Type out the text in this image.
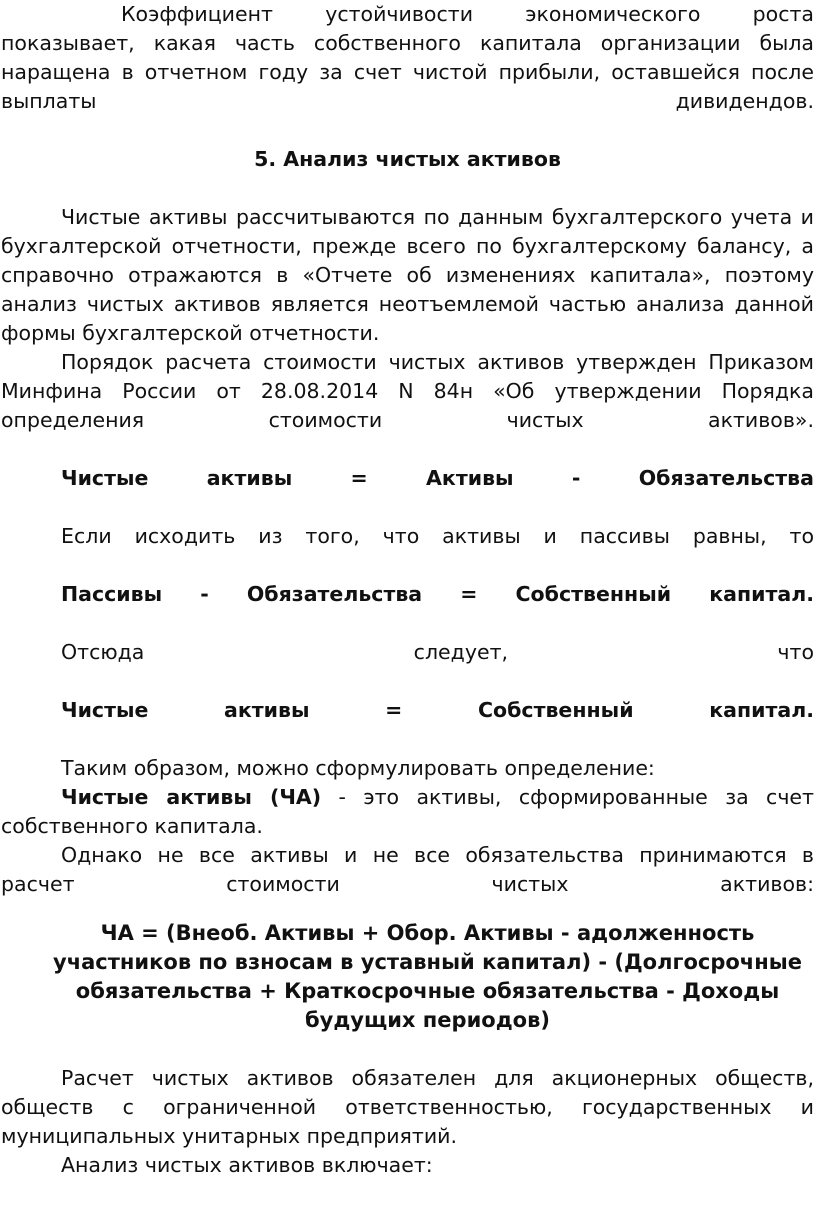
Коэффициент устойчивости экономического роста показывает, какая часть собственного капитала организации была наращена в отчетном году за счет чистой прибыли, оставшейся после выплаты дивидендов.

5. Анализ чистых активов

Чистые активы рассчитываются по данным бухгалтерского учета и бухгалтерской отчетности, прежде всего по бухгалтерскому балансу, а справочно отражаются в «Отчете об изменениях капитала», поэтому анализ чистых активов является неотъемлемой частью анализа данной формы бухгалтерской отчетности.

Порядок расчета стоимости чистых активов утвержден Приказом Минфина России от 28.08.2014 N 84н «Об утверждении Порядка определения стоимости чистых активов».

Чистые активы = Активы - Обязательства

Если исходить из того, что активы и пассивы равны, то

Пассивы - Обязательства = Собственный капитал.

Отсюда следует, что

Чистые активы = Собственный капитал.

Таким образом, можно сформулировать определение:

Чистые активы (ЧА) - это активы, сформированные за счет собственного капитала.

Однако не все активы и не все обязательства принимаются в расчет стоимости чистых активов:

ЧА = (Внеоб. Активы + Обор. Активы - адолженность участников по взносам в уставный капитал) - (Долгосрочные обязательства + Краткосрочные обязательства - Доходы будущих периодов)

Расчет чистых активов обязателен для акционерных обществ, обществ с ограниченной ответственностью, государственных и муниципальных унитарных предприятий.

Анализ чистых активов включает:
